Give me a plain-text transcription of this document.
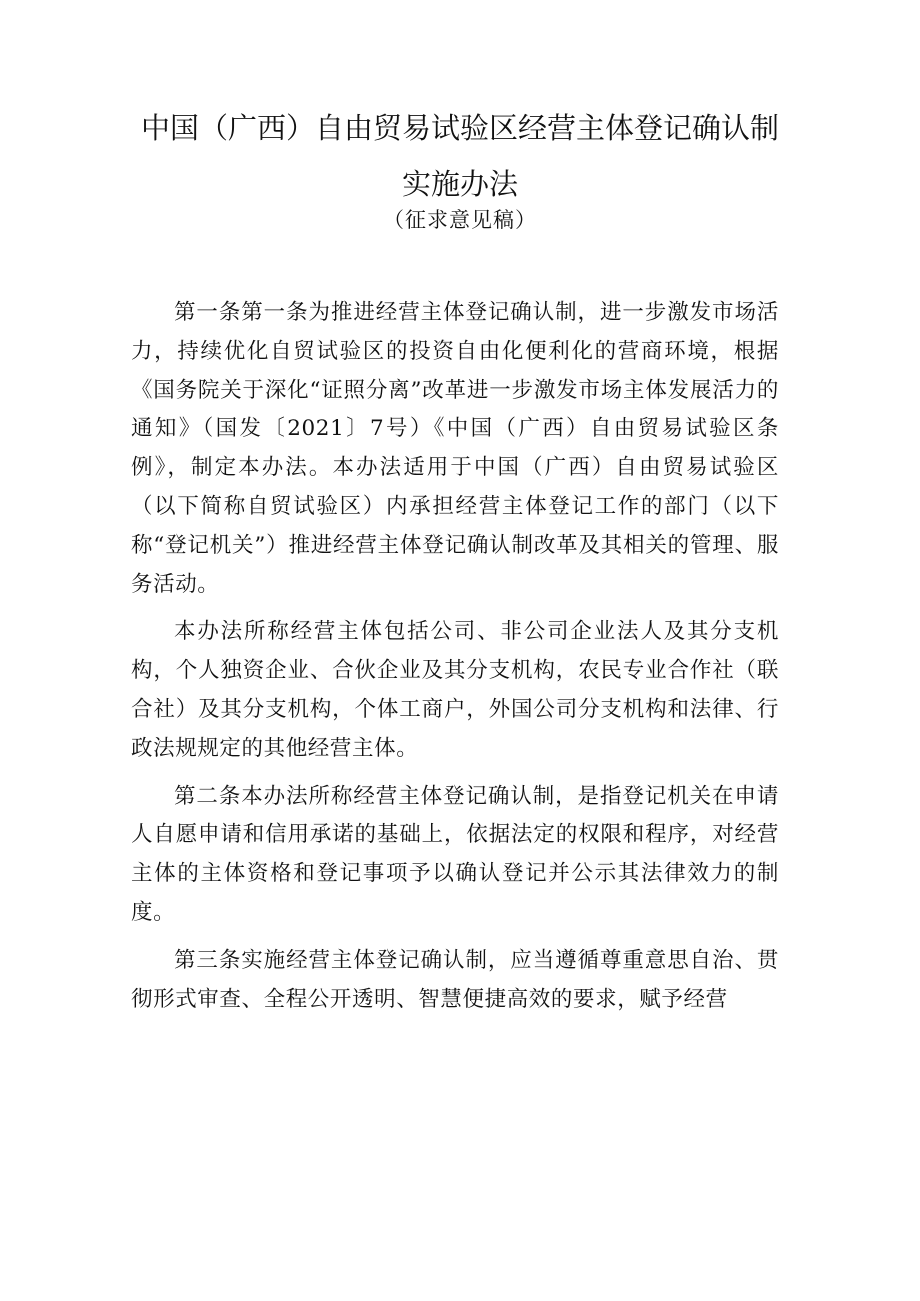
中国（广西）自由贸易试验区经营主体登记确认制实施办法
（征求意见稿）

第一条第一条为推进经营主体登记确认制，进一步激发市场活力，持续优化自贸试验区的投资自由化便利化的营商环境，根据《国务院关于深化“证照分离”改革进一步激发市场主体发展活力的通知》（国发〔2021〕7号）《中国（广西）自由贸易试验区条例》，制定本办法。本办法适用于中国（广西）自由贸易试验区（以下简称自贸试验区）内承担经营主体登记工作的部门（以下称“登记机关”）推进经营主体登记确认制改革及其相关的管理、服务活动。

本办法所称经营主体包括公司、非公司企业法人及其分支机构，个人独资企业、合伙企业及其分支机构，农民专业合作社（联合社）及其分支机构，个体工商户，外国公司分支机构和法律、行政法规规定的其他经营主体。

第二条本办法所称经营主体登记确认制，是指登记机关在申请人自愿申请和信用承诺的基础上，依据法定的权限和程序，对经营主体的主体资格和登记事项予以确认登记并公示其法律效力的制度。

第三条实施经营主体登记确认制，应当遵循尊重意思自治、贯彻形式审查、全程公开透明、智慧便捷高效的要求，赋予经营
